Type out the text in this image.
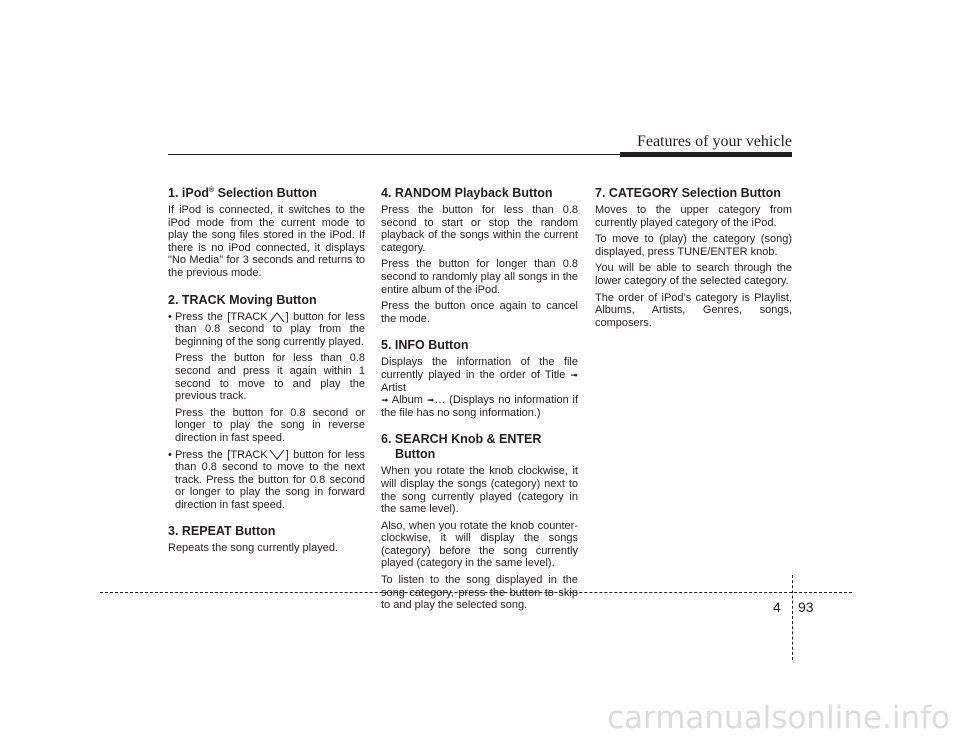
Features of your vehicle
1. iPod® Selection Button

If iPod is connected, it switches to the iPod mode from the current mode to play the song files stored in the iPod. If there is no iPod connected, it displays "No Media" for 3 seconds and returns to the previous mode.

2. TRACK Moving Button

• Press the [TRACK ] button for less than 0.8 second to play from the beginning of the song currently played.

Press the button for less than 0.8 second and press it again within 1 second to move to and play the previous track.

Press the button for 0.8 second or longer to play the song in reverse direction in fast speed.

• Press the [TRACK ] button for less than 0.8 second to move to the next track. Press the button for 0.8 second or longer to play the song in forward direction in fast speed.

3. REPEAT Button

Repeats the song currently played.

4. RANDOM Playback Button

Press the button for less than 0.8 second to start or stop the random playback of the songs within the current category.

Press the button for longer than 0.8 second to randomly play all songs in the entire album of the iPod.

Press the button once again to cancel the mode.

5. INFO Button

Displays the information of the file currently played in the order of Title ➟ Artist
➟ Album ➟… (Displays no information if the file has no song information.)

6. SEARCH Knob & ENTER
Button

When you rotate the knob clockwise, it will display the songs (category) next to the song currently played (category in the same level).

Also, when you rotate the knob counter-clockwise, it will display the songs (category) before the song currently played (category in the same level).

To listen to the song displayed in the song category, press the button to skip to and play the selected song.

7. CATEGORY Selection Button

Moves to the upper category from currently played category of the iPod.

To move to (play) the category (song) displayed, press TUNE/ENTER knob.

You will be able to search through the lower category of the selected category.

The order of iPod’s category is Playlist, Albums, Artists, Genres, songs, composers.

4 93
carmanualsonline.info
